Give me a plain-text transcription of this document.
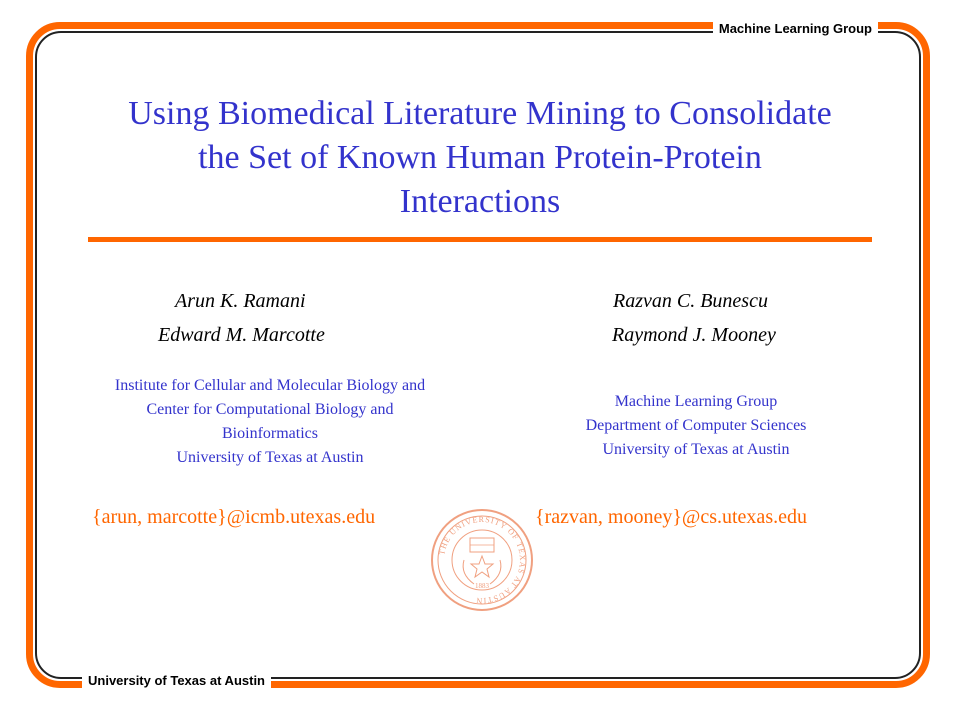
Machine Learning Group
University of Texas at Austin
Using Biomedical Literature Mining to Consolidate
the Set of Known Human Protein-Protein
Interactions
Arun K. Ramani
Edward M. Marcotte
Institute for Cellular and Molecular Biology and
Center for Computational Biology and
Bioinformatics
University of Texas at Austin
{arun, marcotte}@icmb.utexas.edu
Razvan C. Bunescu
Raymond J. Mooney
Machine Learning Group
Department of Computer Sciences
University of Texas at Austin
{razvan, mooney}@cs.utexas.edu
THE UNIVERSITY OF TEXAS AT AUSTIN
1883
